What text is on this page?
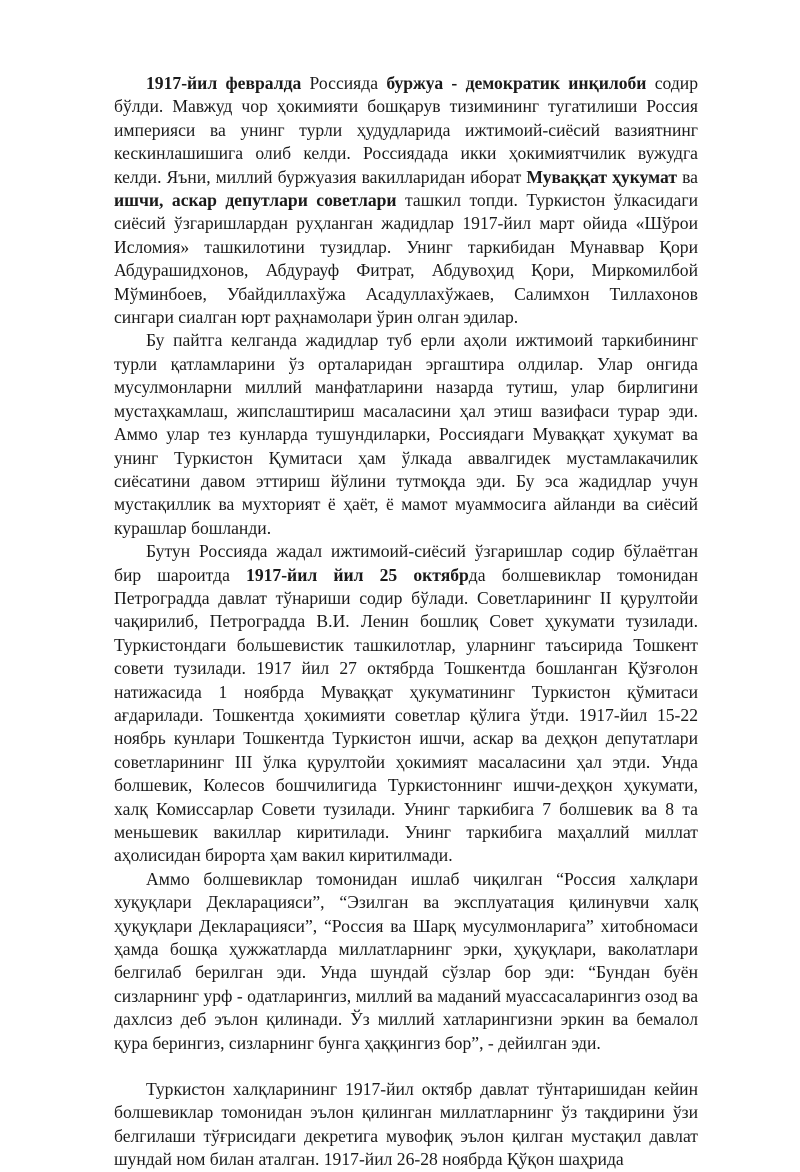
1917-йил февралда Россияда буржуа - демократик инқилоби содир бўлди. Мавжуд чор ҳокимияти бошқарув тизимининг тугатилиши Россия империяси ва унинг турли ҳудудларида ижтимоий-сиёсий вазиятнинг кескинлашишига олиб келди. Россиядада икки ҳокимиятчилик вужудга келди. Яъни, миллий буржуазия вакилларидан иборат Муваққат ҳукумат ва ишчи, аскар депутлари советлари ташкил топди. Туркистон ўлкасидаги сиёсий ўзгаришлардан руҳланган жадидлар 1917-йил март ойида «Шўрои Исломия» ташкилотини тузидлар. Унинг таркибидан Мунаввар Қори Абдурашидхонов, Абдурауф Фитрат, Абдувоҳид Қори, Миркомилбой Мўминбоев, Убайдиллахўжа Асадуллахўжаев, Салимхон Тиллахонов сингари сиалган юрт раҳнамолари ўрин олган эдилар.

Бу пайтга келганда жадидлар туб ерли аҳоли ижтимоий таркибининг турли қатламларини ўз орталаридан эргаштира олдилар. Улар онгида мусулмонларни миллий манфатларини назарда тутиш, улар бирлигини мустаҳкамлаш, жипслаштириш масаласини ҳал этиш вазифаси турар эди. Аммо улар тез кунларда тушундиларки, Россиядаги Муваққат ҳукумат ва унинг Туркистон Қумитаси ҳам ўлкада аввалгидек мустамлакачилик сиёсатини давом эттириш йўлини тутмоқда эди. Бу эса жадидлар учун мустақиллик ва мухторият ё ҳаёт, ё мамот муаммосига айланди ва сиёсий курашлар бошланди.

Бутун Россияда жадал ижтимоий-сиёсий ўзгаришлар содир бўлаётган бир шароитда 1917-йил йил 25 октябрда болшевиклар томонидан Петроградда давлат тўнариши содир бўлади. Советларининг II қурултойи чақирилиб, Петроградда В.И. Ленин бошлиқ Совет ҳукумати тузилади. Туркистондаги большевистик ташкилотлар, уларнинг таъсирида Тошкент совети тузилади. 1917 йил 27 октябрда Тошкентда бошланган Қўзғолон натижасида 1 ноябрда Муваққат ҳукуматининг Туркистон қўмитаси ағдарилади. Тошкентда ҳокимияти советлар қўлига ўтди. 1917-йил 15-22 ноябрь кунлари Тошкентда Туркистон ишчи, аскар ва деҳқон депутатлари советларининг III ўлка қурултойи ҳокимият масаласини ҳал этди. Унда болшевик, Колесов бошчилигида Туркистоннинг ишчи-деҳқон ҳукумати, халқ Комиссарлар Совети тузилади. Унинг таркибига 7 болшевик ва 8 та меньшевик вакиллар киритилади. Унинг таркибига маҳаллий миллат аҳолисидан бирорта ҳам вакил киритилмади.

Аммо болшевиклар томонидан ишлаб чиқилган “Россия халқлари хуқуқлари Декларацияси”, “Эзилган ва эксплуатация қилинувчи халқ ҳуқуқлари Декларацияси”, “Россия ва Шарқ мусулмонларига” хитобномаси ҳамда бошқа ҳужжатларда миллатларнинг эрки, ҳуқуқлари, ваколатлари белгилаб берилган эди. Унда шундай сўзлар бор эди: “Бундан буён сизларнинг урф - одатларингиз, миллий ва маданий муассасаларингиз озод ва дахлсиз деб эълон қилинади. Ўз миллий хатларингизни эркин ва бемалол қура берингиз, сизларнинг бунга ҳаққингиз бор”, - дейилган эди.

Туркистон халқларининг 1917-йил октябр давлат тўнтаришидан кейин болшевиклар томонидан эълон қилинган миллатларнинг ўз тақдирини ўзи белгилаши тўғрисидаги декретига мувофиқ эълон қилган мустақил давлат шундай ном билан аталган. 1917-йил 26-28 ноябрда Қўқон шаҳрида
